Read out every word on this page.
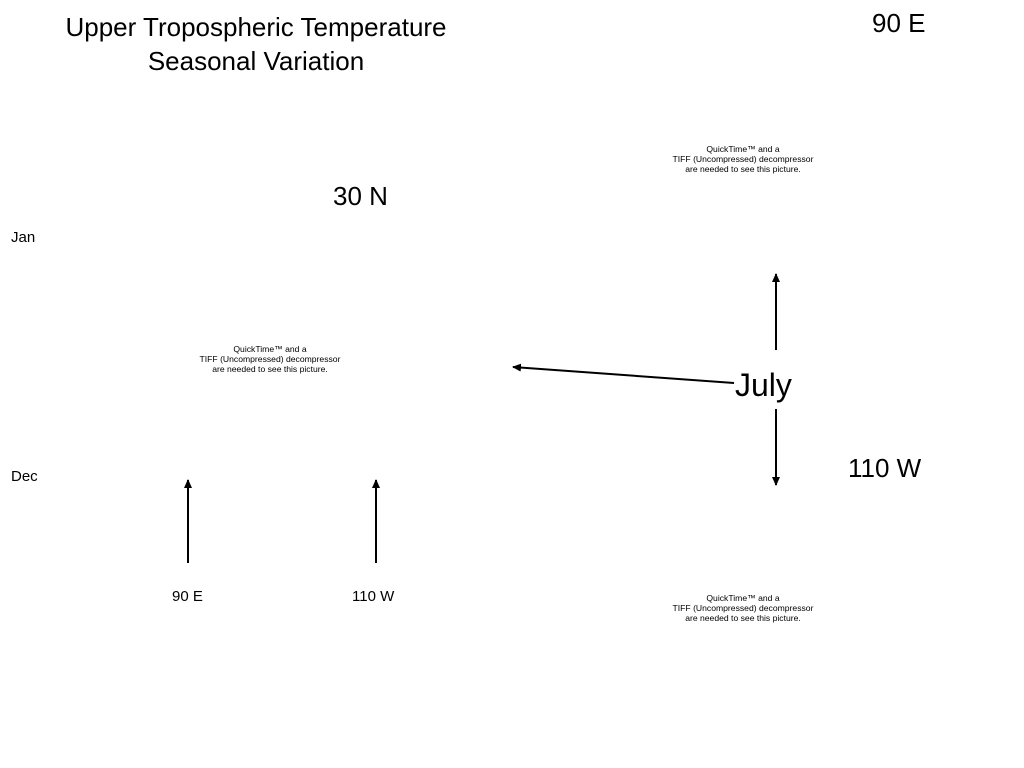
Upper Tropospheric Temperature
Seasonal Variation
90 E
30 N
Jan
Dec
July
110 W
90 E	110 W
QuickTime™ and a
TIFF (Uncompressed) decompressor
are needed to see this picture.
QuickTime™ and a
TIFF (Uncompressed) decompressor
are needed to see this picture.
QuickTime™ and a
TIFF (Uncompressed) decompressor
are needed to see this picture.
